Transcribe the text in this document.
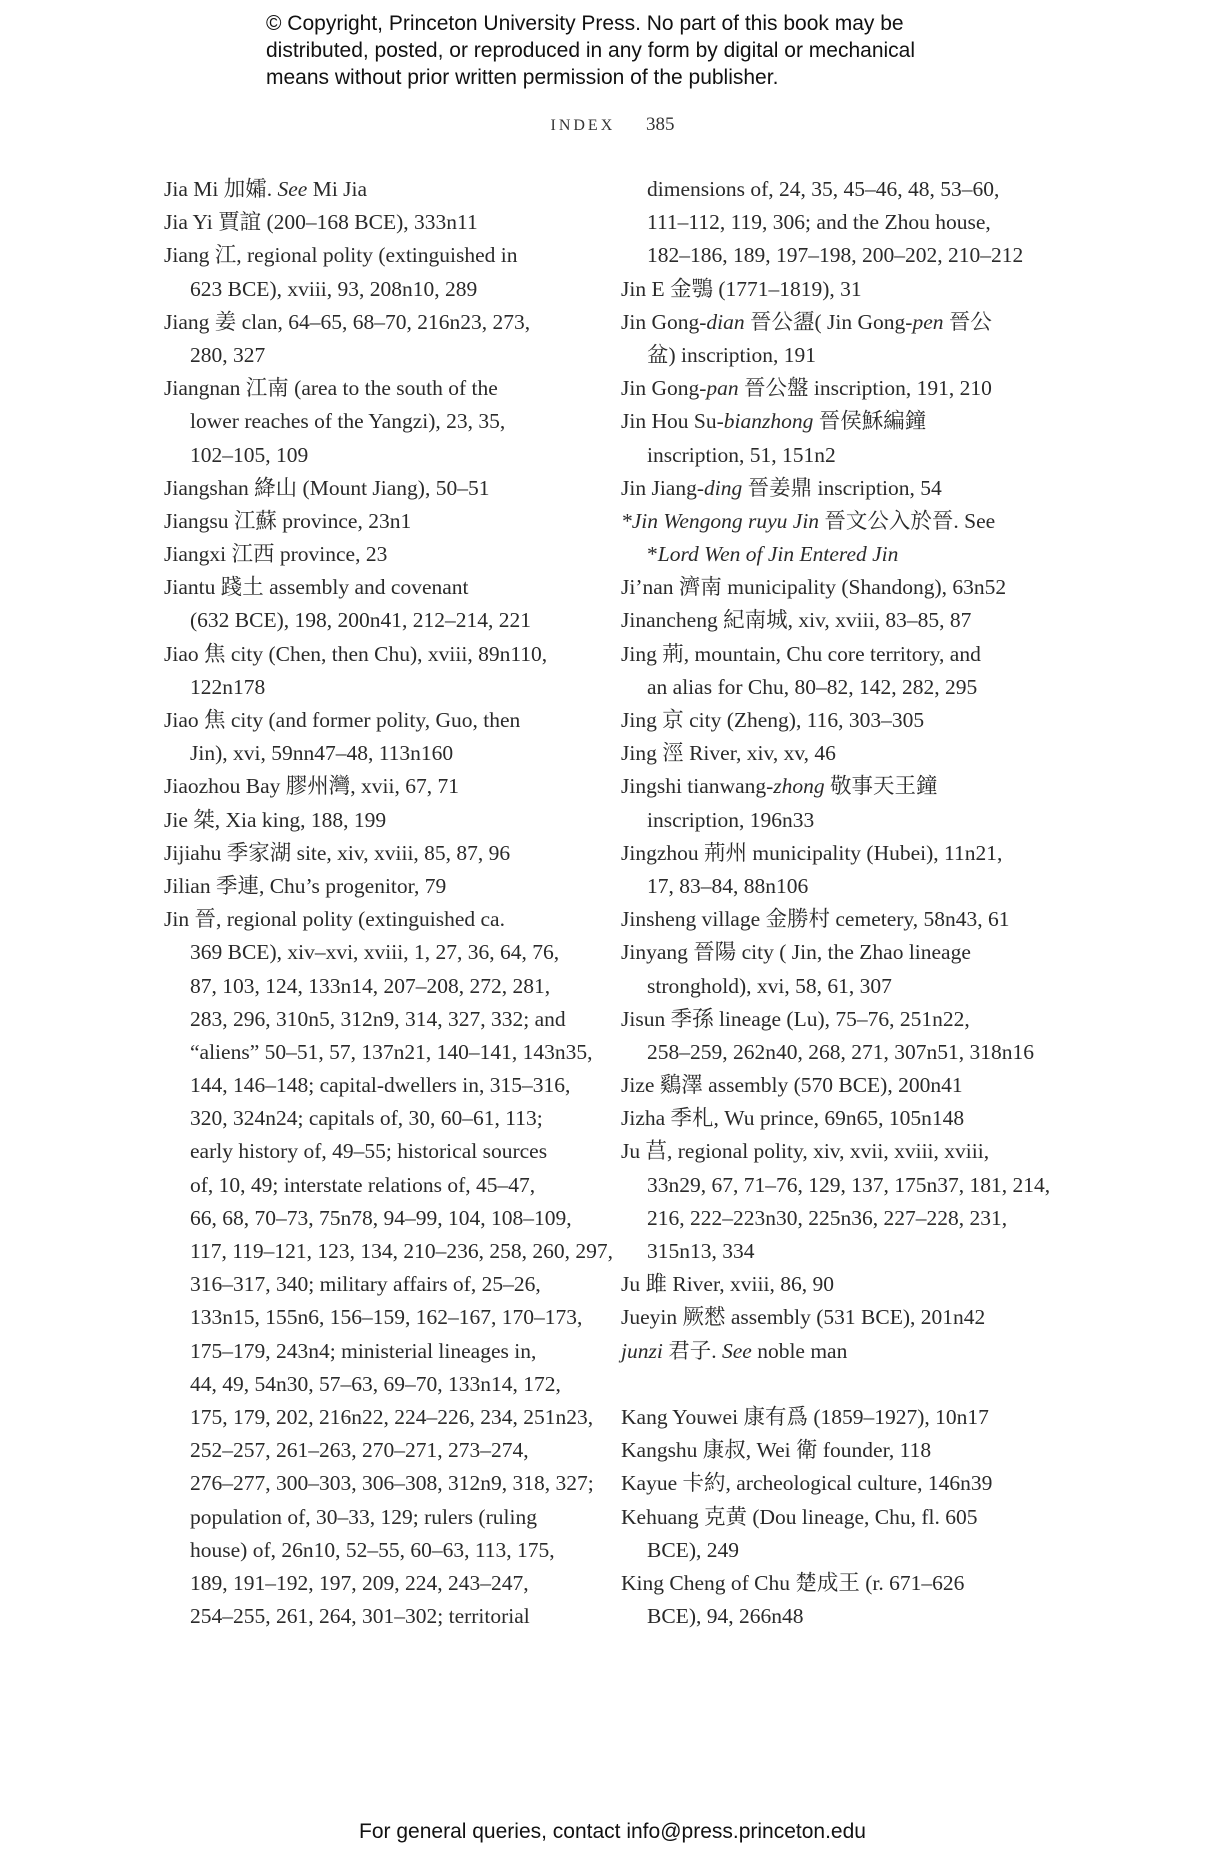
© Copyright, Princeton University Press. No part of this book may be
distributed, posted, or reproduced in any form by digital or mechanical
means without prior written permission of the publisher.
INDEX 385
Jia Mi 加孀. See Mi Jia
Jia Yi 賈誼 (200–168 BCE), 333n11
Jiang 江, regional polity (extinguished in
623 BCE), xviii, 93, 208n10, 289
Jiang 姜 clan, 64–65, 68–70, 216n23, 273,
280, 327
Jiangnan 江南 (area to the south of the
lower reaches of the Yangzi), 23, 35,
102–105, 109
Jiangshan 絳山 (Mount Jiang), 50–51
Jiangsu 江蘇 province, 23n1
Jiangxi 江西 province, 23
Jiantu 踐土 assembly and covenant
(632 BCE), 198, 200n41, 212–214, 221
Jiao 焦 city (Chen, then Chu), xviii, 89n110,
122n178
Jiao 焦 city (and former polity, Guo, then
Jin), xvi, 59nn47–48, 113n160
Jiaozhou Bay 膠州灣, xvii, 67, 71
Jie 桀, Xia king, 188, 199
Jijiahu 季家湖 site, xiv, xviii, 85, 87, 96
Jilian 季連, Chu’s progenitor, 79
Jin 晉, regional polity (extinguished ca.
369 BCE), xiv–xvi, xviii, 1, 27, 36, 64, 76,
87, 103, 124, 133n14, 207–208, 272, 281,
283, 296, 310n5, 312n9, 314, 327, 332; and
“aliens” 50–51, 57, 137n21, 140–141, 143n35,
144, 146–148; capital-dwellers in, 315–316,
320, 324n24; capitals of, 30, 60–61, 113;
early history of, 49–55; historical sources
of, 10, 49; interstate relations of, 45–47,
66, 68, 70–73, 75n78, 94–99, 104, 108–109,
117, 119–121, 123, 134, 210–236, 258, 260, 297,
316–317, 340; military affairs of, 25–26,
133n15, 155n6, 156–159, 162–167, 170–173,
175–179, 243n4; ministerial lineages in,
44, 49, 54n30, 57–63, 69–70, 133n14, 172,
175, 179, 202, 216n22, 224–226, 234, 251n23,
252–257, 261–263, 270–271, 273–274,
276–277, 300–303, 306–308, 312n9, 318, 327;
population of, 30–33, 129; rulers (ruling
house) of, 26n10, 52–55, 60–63, 113, 175,
189, 191–192, 197, 209, 224, 243–247,
254–255, 261, 264, 301–302; territorial
dimensions of, 24, 35, 45–46, 48, 53–60,
111–112, 119, 306; and the Zhou house,
182–186, 189, 197–198, 200–202, 210–212
Jin E 金鶚 (1771–1819), 31
Jin Gong-dian 晉公盨( Jin Gong-pen 晉公
盆) inscription, 191
Jin Gong-pan 晉公盤 inscription, 191, 210
Jin Hou Su-bianzhong 晉侯穌編鐘
inscription, 51, 151n2
Jin Jiang-ding 晉姜鼎 inscription, 54
*Jin Wengong ruyu Jin 晉文公入於晉. See
*Lord Wen of Jin Entered Jin
Ji’nan 濟南 municipality (Shandong), 63n52
Jinancheng 紀南城, xiv, xviii, 83–85, 87
Jing 荊, mountain, Chu core territory, and
an alias for Chu, 80–82, 142, 282, 295
Jing 京 city (Zheng), 116, 303–305
Jing 涇 River, xiv, xv, 46
Jingshi tianwang-zhong 敬事天王鐘
inscription, 196n33
Jingzhou 荊州 municipality (Hubei), 11n21,
17, 83–84, 88n106
Jinsheng village 金勝村 cemetery, 58n43, 61
Jinyang 晉陽 city ( Jin, the Zhao lineage
stronghold), xvi, 58, 61, 307
Jisun 季孫 lineage (Lu), 75–76, 251n22,
258–259, 262n40, 268, 271, 307n51, 318n16
Jize 鷄澤 assembly (570 BCE), 200n41
Jizha 季札, Wu prince, 69n65, 105n148
Ju 莒, regional polity, xiv, xvii, xviii, xviii,
33n29, 67, 71–76, 129, 137, 175n37, 181, 214,
216, 222–223n30, 225n36, 227–228, 231,
315n13, 334
Ju 雎 River, xviii, 86, 90
Jueyin 厥憖 assembly (531 BCE), 201n42
junzi 君子. See noble man
Kang Youwei 康有爲 (1859–1927), 10n17
Kangshu 康叔, Wei 衛 founder, 118
Kayue 卡約, archeological culture, 146n39
Kehuang 克黄 (Dou lineage, Chu, fl. 605
BCE), 249
King Cheng of Chu 楚成王 (r. 671–626
BCE), 94, 266n48
For general queries, contact info@press.princeton.edu
